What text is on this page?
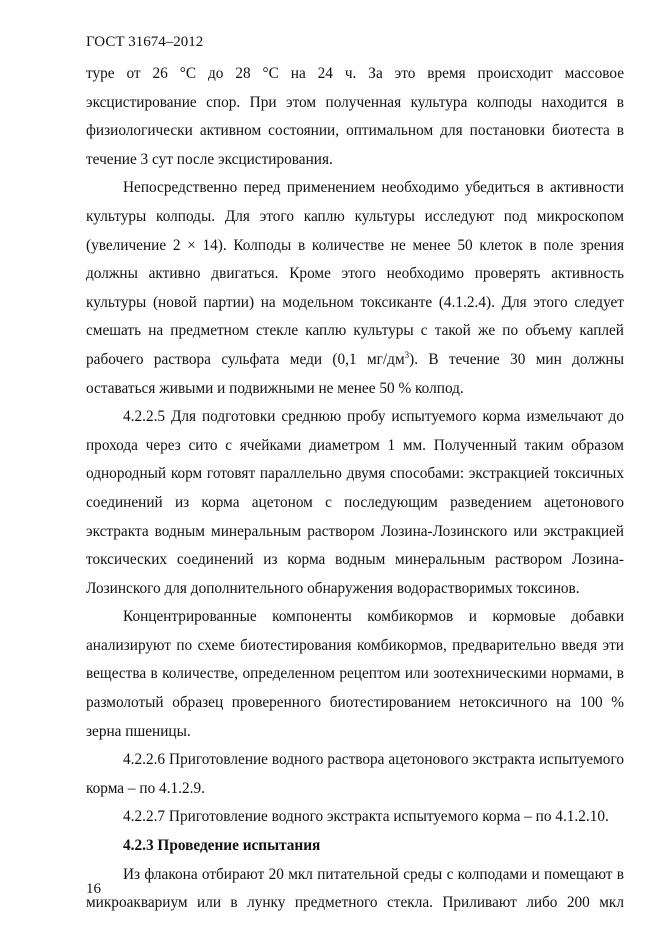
ГОСТ 31674–2012

туре от 26 °С до 28 °С на 24 ч. За это время происходит массовое эксцистирование спор. При этом полученная культура колподы находится в физиологически активном состоянии, оптимальном для постановки биотеста в течение 3 сут после эксцистирования.

Непосредственно перед применением необходимо убедиться в активности культуры колподы. Для этого каплю культуры исследуют под микроскопом (увеличение 2 × 14). Колподы в количестве не менее 50 клеток в поле зрения должны активно двигаться. Кроме этого необходимо проверять активность культуры (новой партии) на модельном токсиканте (4.1.2.4). Для этого следует смешать на предметном стекле каплю культуры с такой же по объему каплей рабочего раствора сульфата меди (0,1 $мг/дм^3$). В течение 30 мин должны оставаться живыми и подвижными не менее 50 % колпод.

4.2.2.5 Для подготовки среднюю пробу испытуемого корма измельчают до прохода через сито с ячейками диаметром 1 мм. Полученный таким образом однородный корм готовят параллельно двумя способами: экстракцией токсичных соединений из корма ацетоном с последующим разведением ацетонового экстракта водным минеральным раствором Лозина-Лозинского или экстракцией токсических соединений из корма водным минеральным раствором Лозина-Лозинского для дополнительного обнаружения водорастворимых токсинов.

Концентрированные компоненты комбикормов и кормовые добавки анализируют по схеме биотестирования комбикормов, предварительно введя эти вещества в количестве, определенном рецептом или зоотехническими нормами, в размолотый образец проверенного биотестированием нетоксичного на 100 % зерна пшеницы.

4.2.2.6 Приготовление водного раствора ацетонового экстракта испытуемого корма – по 4.1.2.9.

4.2.2.7 Приготовление водного экстракта испытуемого корма – по 4.1.2.10.

4.2.3 Проведение испытания

Из флакона отбирают 20 мкл питательной среды с колподами и помещают в микроаквариум или в лунку предметного стекла. Приливают либо 200 мкл

16
